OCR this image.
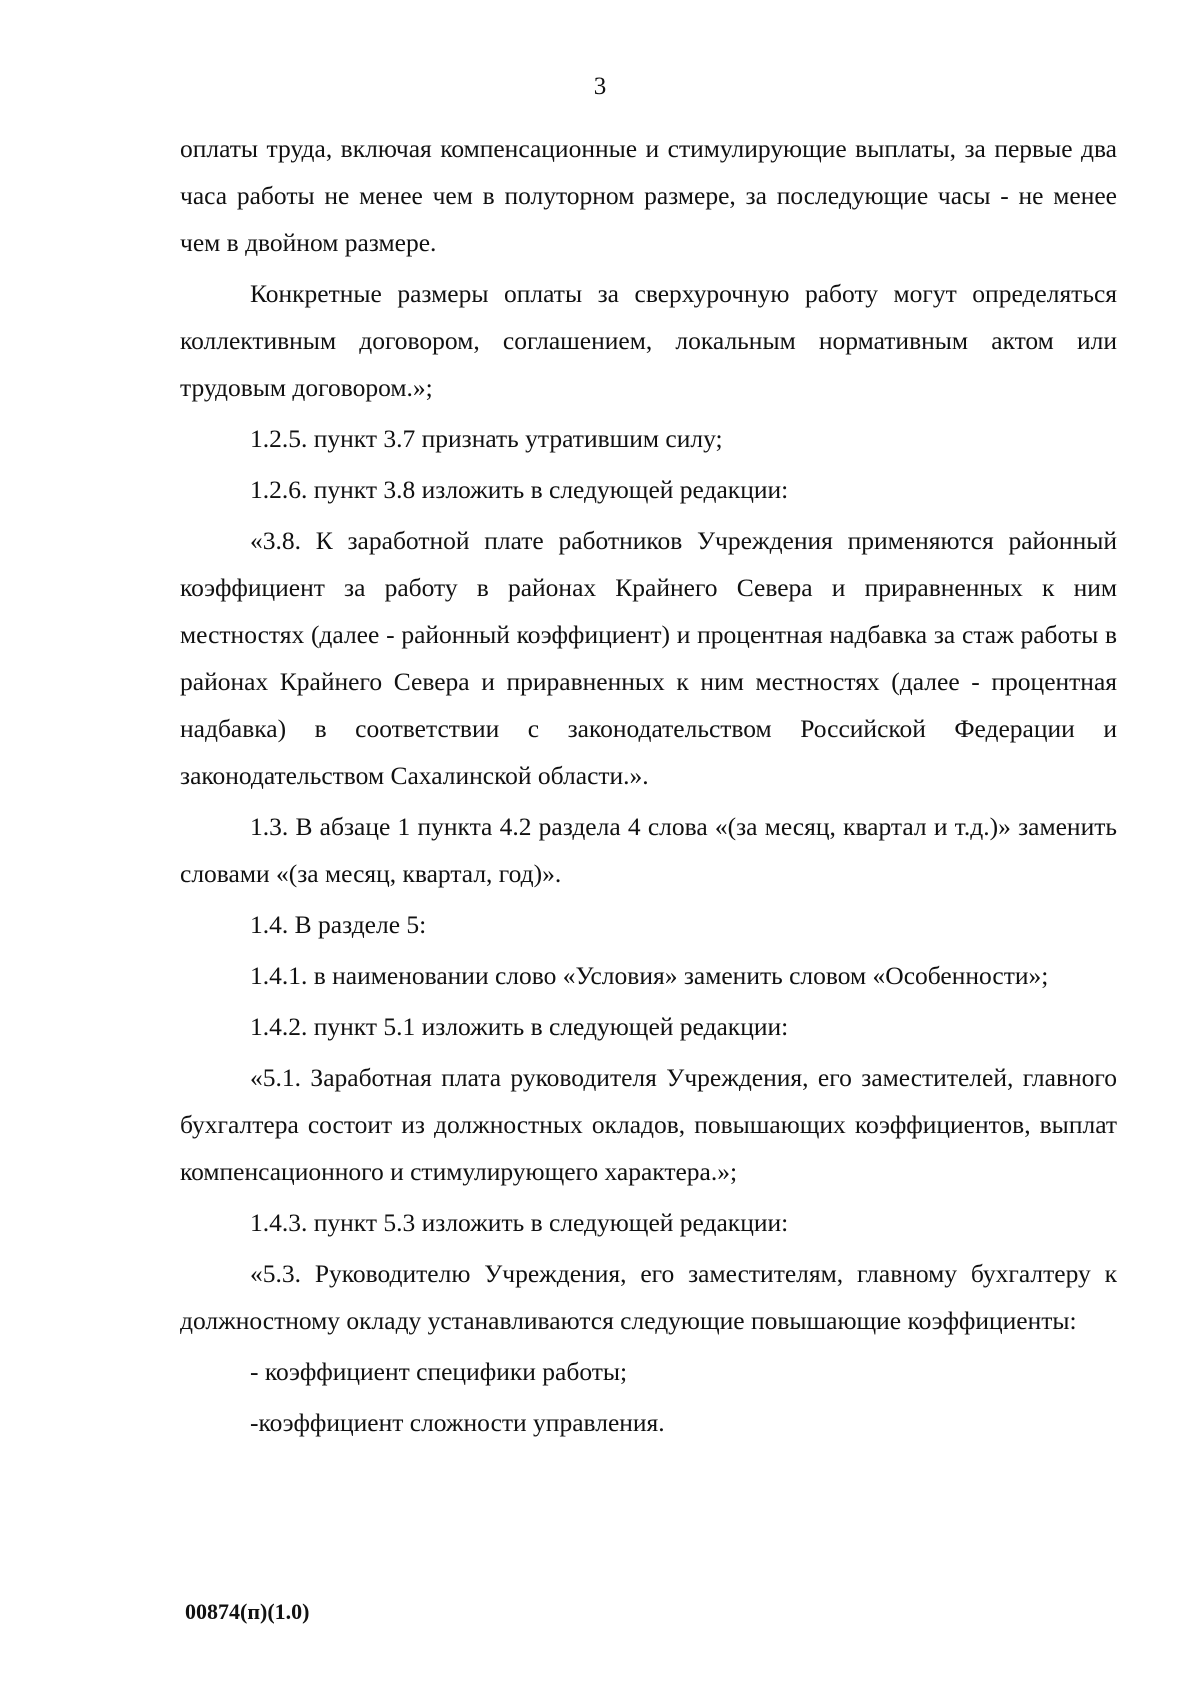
3

оплаты труда, включая компенсационные и стимулирующие выплаты, за первые два часа работы не менее чем в полуторном размере, за последующие часы - не менее чем в двойном размере.

Конкретные размеры оплаты за сверхурочную работу могут определяться коллективным договором, соглашением, локальным нормативным актом или трудовым договором.»;

1.2.5. пункт 3.7 признать утратившим силу;

1.2.6. пункт 3.8 изложить в следующей редакции:

«3.8. К заработной плате работников Учреждения применяются районный коэффициент за работу в районах Крайнего Севера и приравненных к ним местностях (далее - районный коэффициент) и процентная надбавка за стаж работы в районах Крайнего Севера и приравненных к ним местностях (далее - процентная надбавка) в соответствии с законодательством Российской Федерации и законодательством Сахалинской области.».

1.3. В абзаце 1 пункта 4.2 раздела 4 слова «(за месяц, квартал и т.д.)» заменить словами «(за месяц, квартал, год)».

1.4. В разделе 5:

1.4.1. в наименовании слово «Условия» заменить словом «Особенности»;

1.4.2. пункт 5.1 изложить в следующей редакции:

«5.1. Заработная плата руководителя Учреждения, его заместителей, главного бухгалтера состоит из должностных окладов, повышающих коэффициентов, выплат компенсационного и стимулирующего характера.»;

1.4.3. пункт 5.3 изложить в следующей редакции:

«5.3. Руководителю Учреждения, его заместителям, главному бухгалтеру к должностному окладу устанавливаются следующие повышающие коэффициенты:

- коэффициент специфики работы;

-коэффициент сложности управления.

00874(п)(1.0)
